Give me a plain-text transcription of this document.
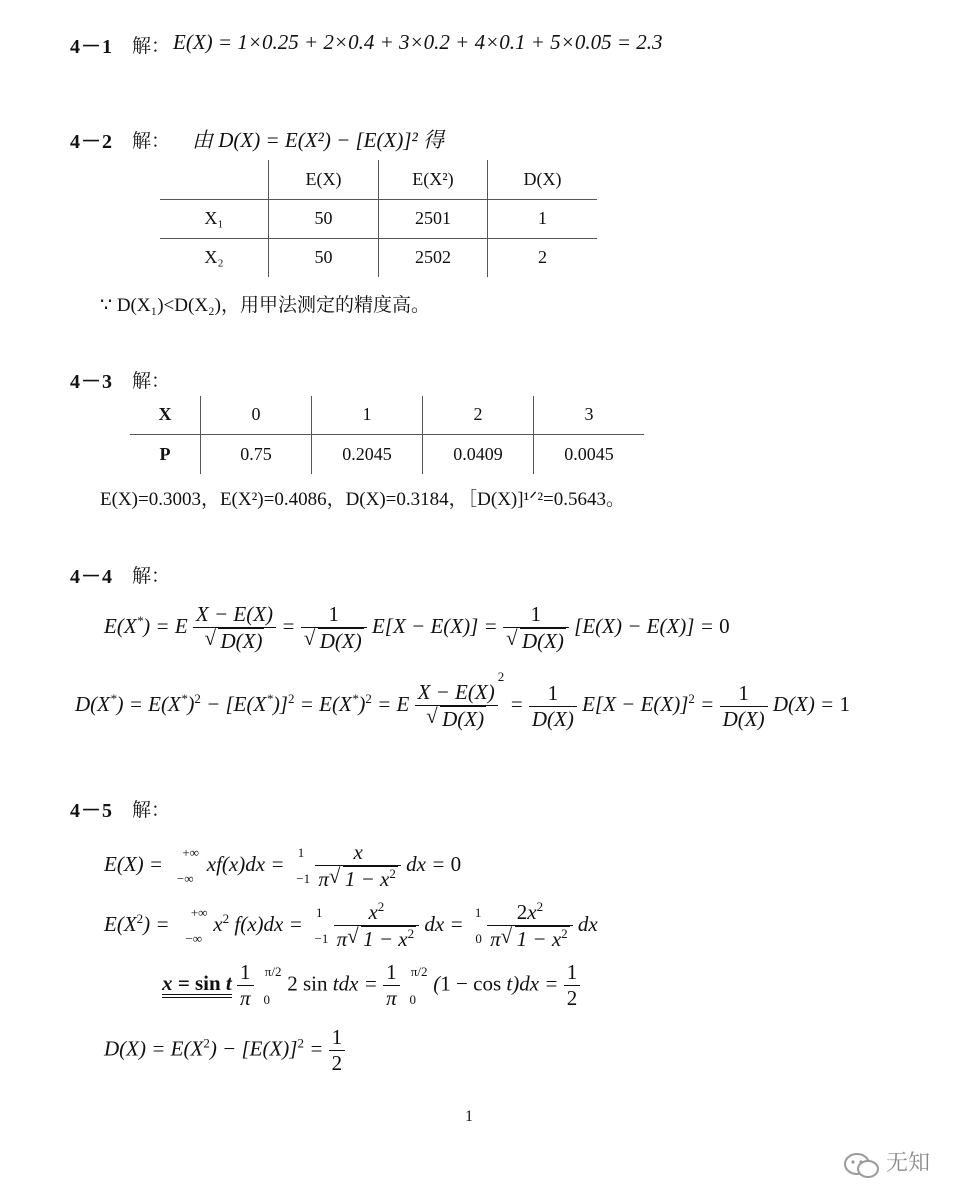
4－1 解： E(X) = 1×0.25 + 2×0.4 + 3×0.2 + 4×0.1 + 5×0.05 = 2.3
4－2 解： 由 D(X) = E(X²) − [E(X)]² 得
	E(X)	E(X²)	D(X)
X₁	50	2501	1
X₂	50	2502	2
∵ D(X₁)<D(X₂)，用甲法测定的精度高。
4－3 解：
X	0	1	2	3
P	0.75	0.2045	0.0409	0.0045
E(X)=0.3003，E(X²)=0.4086，D(X)=0.3184，［D(X)]¹ᐟ²=0.5643。
4－4 解：
E(X*) = E X − E(X)
√ D(X) = 1
√ D(X) E[X − E(X)] = 1
√ D(X) [E(X) − E(X)] = 0
$D(X^*) = E(X^*)^2 - [E(X^*)]^2 = E(X^*)^2 = E$ X − E(X)
√ D(X)
$^2 = \frac{1}{D(X)} E[X - E(X)]^2 = \frac{1}{D(X)} D(X) = 1$
4－5 解：
E(X) = +∞$_{-\infty}$ $xf(x)dx = ^1_{-1} \frac{x}{\pi √ 1 - x^2}$ dx = 0
$E(X^2) = ^{+\infty}_{-\infty}$ $x^2$ $f(x)dx = ^1_{-1} \frac{x^2}{\pi √ 1 - x^2}$ dx = $^1_0 \frac{2x^2}{\pi √ 1 - x^2}$ dx
x = sin t $\frac{1}{\pi} ^{\pi/2}_0$ 2 sin tdx = $\frac{1}{\pi} ^{\pi/2}_0$ $(1 - \cos t)dx = \frac{1}{2}$
$D(X) = E(X^2) - [E(X)]^2 = \frac{1}{2}$
1
无知
